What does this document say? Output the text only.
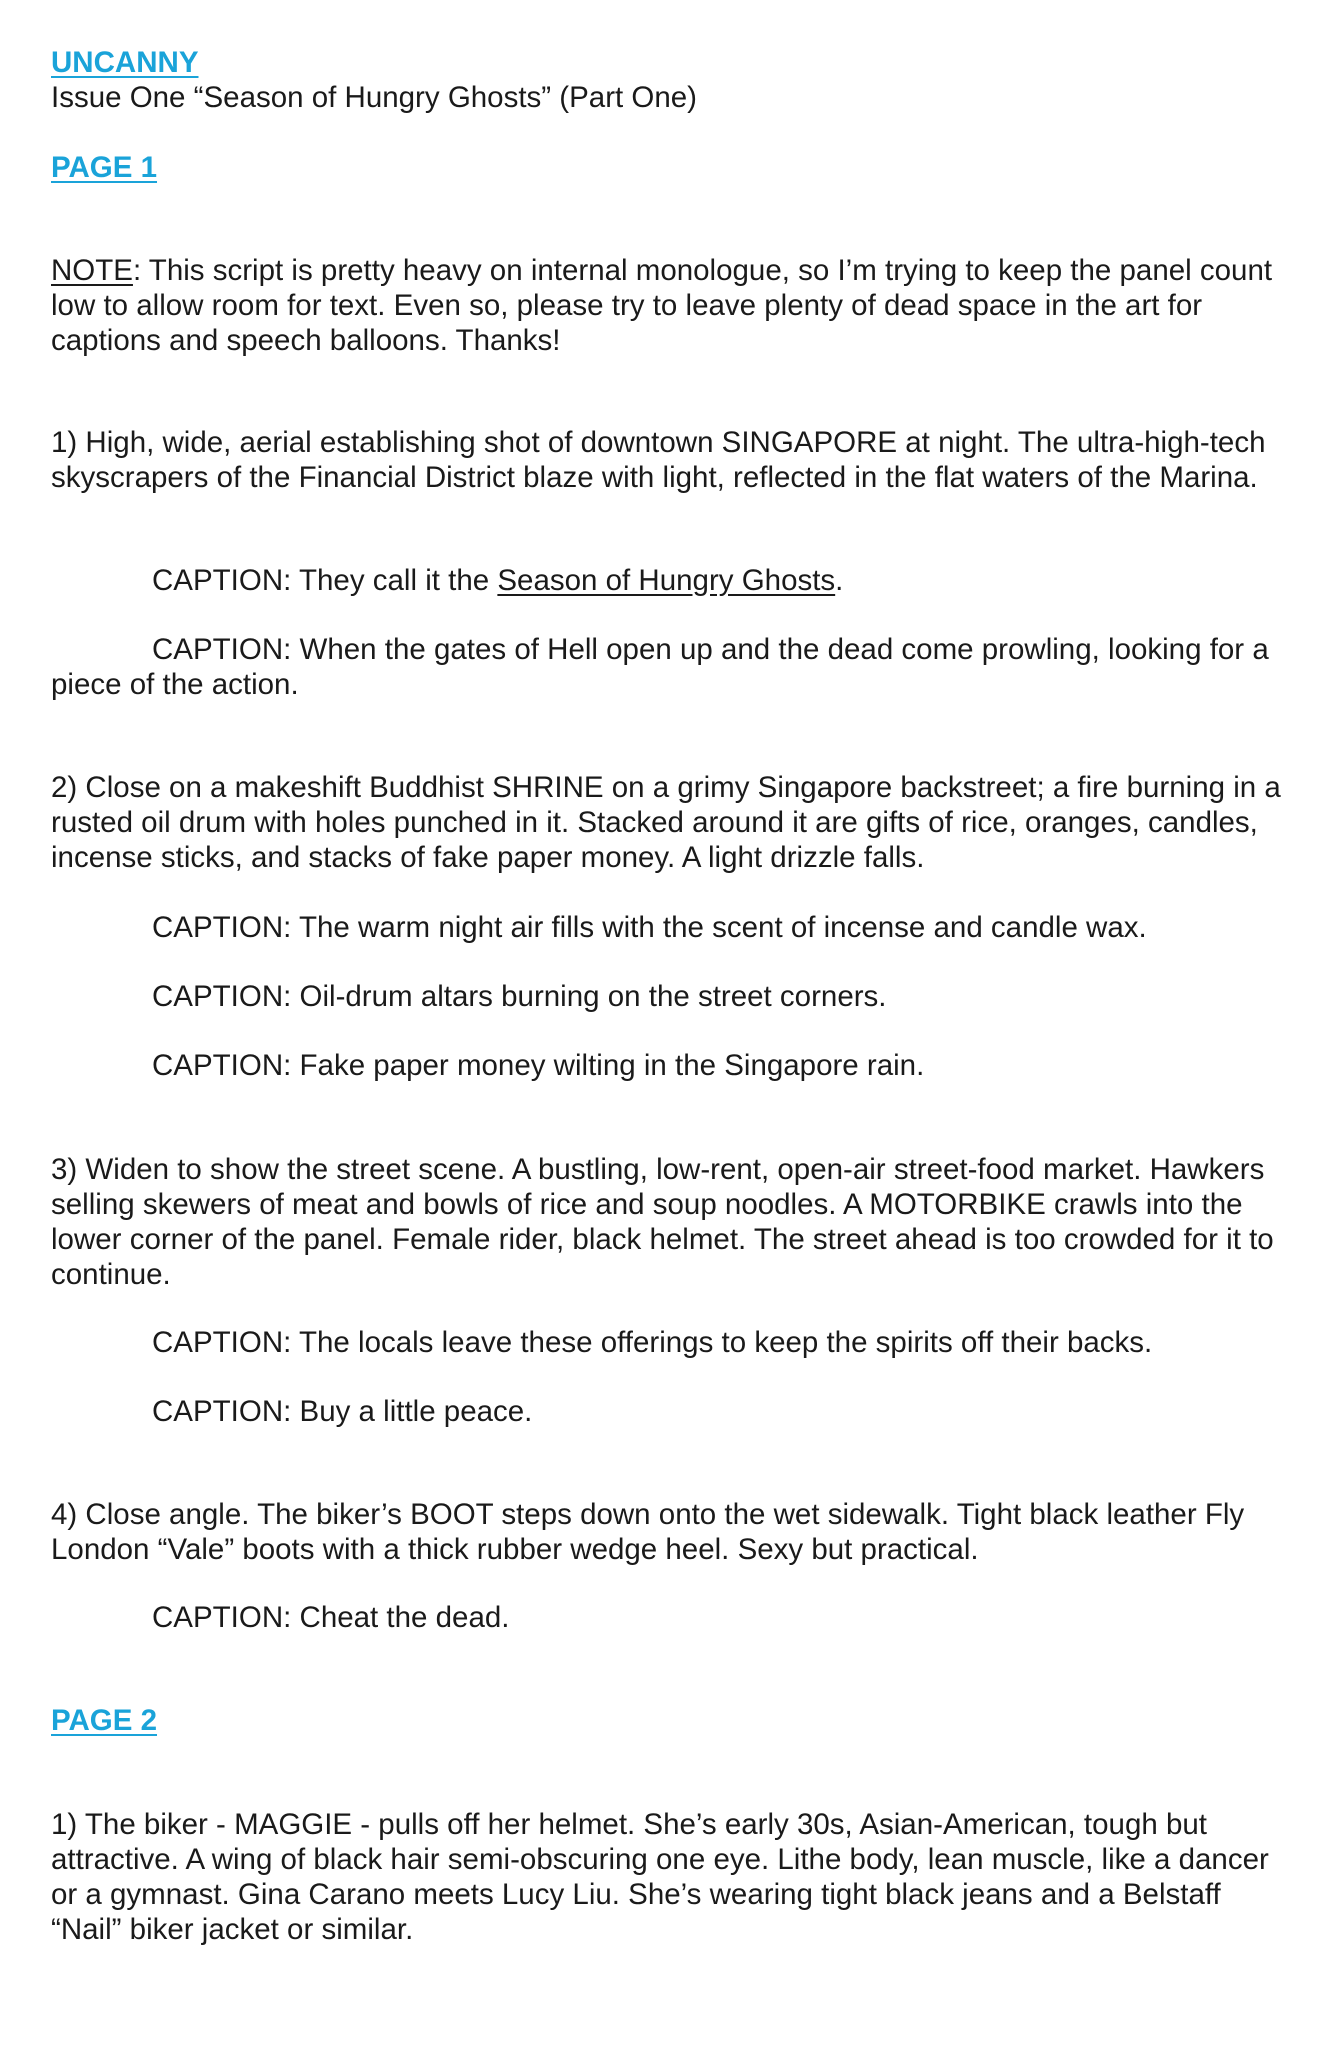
UNCANNY
Issue One “Season of Hungry Ghosts” (Part One)
PAGE 1
NOTE: This script is pretty heavy on internal monologue, so I’m trying to keep the panel count low to allow room for text. Even so, please try to leave plenty of dead space in the art for captions and speech balloons. Thanks!
1) High, wide, aerial establishing shot of downtown SINGAPORE at night. The ultra-high-tech skyscrapers of the Financial District blaze with light, reflected in the flat waters of the Marina.
CAPTION: They call it the Season of Hungry Ghosts.
CAPTION: When the gates of Hell open up and the dead come prowling, looking for a piece of the action.
2) Close on a makeshift Buddhist SHRINE on a grimy Singapore backstreet; a fire burning in a rusted oil drum with holes punched in it. Stacked around it are gifts of rice, oranges, candles, incense sticks, and stacks of fake paper money. A light drizzle falls.
CAPTION: The warm night air fills with the scent of incense and candle wax.
CAPTION: Oil-drum altars burning on the street corners.
CAPTION: Fake paper money wilting in the Singapore rain.
3) Widen to show the street scene. A bustling, low-rent, open-air street-food market. Hawkers selling skewers of meat and bowls of rice and soup noodles. A MOTORBIKE crawls into the lower corner of the panel. Female rider, black helmet. The street ahead is too crowded for it to continue.
CAPTION: The locals leave these offerings to keep the spirits off their backs.
CAPTION: Buy a little peace.
4) Close angle. The biker’s BOOT steps down onto the wet sidewalk. Tight black leather Fly London “Vale” boots with a thick rubber wedge heel. Sexy but practical.
CAPTION: Cheat the dead.
PAGE 2
1) The biker - MAGGIE - pulls off her helmet. She’s early 30s, Asian-American, tough but attractive. A wing of black hair semi-obscuring one eye. Lithe body, lean muscle, like a dancer or a gymnast. Gina Carano meets Lucy Liu. She’s wearing tight black jeans and a Belstaff “Nail” biker jacket or similar.
